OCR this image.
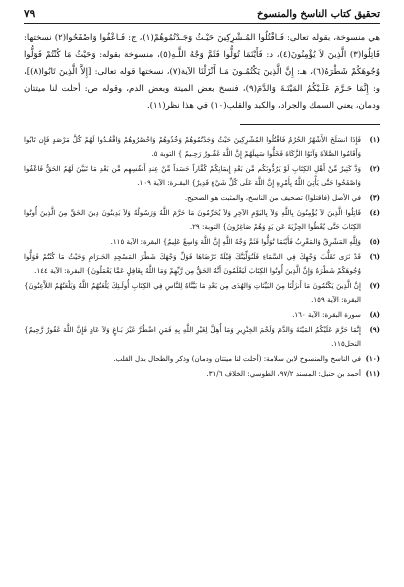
تحقيق كتاب الناسخ والمنسوخ
٧٩

هي منسوخة، بقوله تعالى: فَـاقْتُلُوا المُـشْرِكِينَ حَيْـثُ وَجَـدْتُمُوهُمْ(١)، ج: فَـاعْفُوا وَاصْفَحُوا(٢) نسختها: قَاتِلُوا(٣) الَّذِينَ لاَ يُؤْمِنُونَ(٤)، د: فَأَيْنَمَا تُوَلُّوا فَثَمَّ وَجْهُ اللَّـهِ(٥)، منسوخة بقوله: وَحَيْثُ مَا كُنْتُمْ فَوَلُّوا وُجُوهَكُمْ شَطْرَهُ(٦)، هـ: إِنَّ الَّذِينَ يَكْتُمُـونَ مَـا أَنْزَلْنَا الآية(٧)، نسختها قوله تعالى: [إِلاَّ الَّذِينَ تَابُوا(٨)]، و: إِنَّمَا حَـرَّمَ عَلَـيْكُمُ المَيْتَـةَ وَالدَّمَ(٩)، فنسخ بعض الميتة وبعض الدم، وقوله ص: أحلت لنا ميتتان ودمان، يعني السمك والجراد، والكبد والقلب(١٠) في هذا نظر(١١).

(١)
فَإِذَا انسَلَخَ الأَشْهُرُ الحُرُمُ فَاقْتُلُوا المُشْرِكِينَ حَيْثُ وَجَدْتُمُوهُمْ وَخُذُوهُمْ وَاحْصُرُوهُمْ وَاقْعُـدُوا لَهُمْ كُلَّ مَرْصَدٍ فَإِن تَابُوا وَأَقَامُوا الصَّلاَةَ وَآتَوُا الزَّكَاةَ فَخَلُّوا سَبِيلَهُمْ إِنَّ اللَّهَ غَفُـورٌ رَحِـيمٌ } التوبة ٥.
(٢)
وَدَّ كَثِيرٌ مِّنْ أَهْلِ الكِتَابِ لَوْ يَرُدُّونَكُم مِّن بَعْدِ إِيمَانِكُمْ كُفَّاراً حَسَداً مِّنْ عِندِ أَنفُسِهِم مِّن بَعْدِ مَا تَبَيَّنَ لَهُمُ الحَقُّ فَاعْفُوا وَاصْفَحُوا حَتَّى يَأْتِيَ اللَّهُ بِأَمْرِهِ إِنَّ اللَّهَ عَلَى كُلِّ شَيْءٍ قَدِيرٌ} البقـرة: الآية ١٠٩.
(٣)
في الأصل (فاقتلوا) تصحيف من الناسخ، والمثبت هو الصحيح.
(٤)
قَاتِلُوا الَّذِينَ لاَ يُؤْمِنُونَ بِاللَّهِ وَلاَ بِاليَوْمِ الآخِرِ وَلاَ يُحَرِّمُونَ مَا حَرَّمَ اللَّهُ وَرَسُولُهُ وَلاَ يَدِينُونَ دِينَ الحَقِّ مِنَ الَّذِينَ أُوتُوا الكِتَابَ حَتَّى يُعْطُوا الجِزْيَةَ عَن يَدٍ وَهُمْ صَاغِرُونَ} التوبة: ٢٩.
(٥)
وَلِلَّهِ المَشْرِقُ وَالمَغْرِبُ فَأَيْنَمَا تُوَلُّوا فَثَمَّ وَجْهُ اللَّهِ إِنَّ اللَّهَ وَاسِعٌ عَلِيمٌ} البقرة: الآية ١١٥.
(٦)
قَدْ نَرَى تَقَلُّبَ وَجْهِكَ فِي السَّمَاءِ فَلَنُوَلِّيَنَّكَ قِبْلَةً تَرْضَاهَا فَوَلِّ وَجْهَكَ شَطْرَ المَسْجِدِ الحَـرَامِ وَحَيْثُ مَا كُنْتُمْ فَوَلُّوا وُجُوهَكُمْ شَطْرَهُ وَإِنَّ الَّذِينَ أُوتُوا الكِتَابَ لَيَعْلَمُونَ أَنَّهُ الحَقُّ مِن رَّبِّهِمْ وَمَا اللَّهُ بِغَافِلٍ عَمَّا يَعْمَلُونَ} البقرة: الآية ١٤٤.
(٧)
إِنَّ الَّذِينَ يَكْتُمُونَ مَا أَنزَلْنَا مِنَ البَيِّنَاتِ وَالهُدَى مِن بَعْدِ مَا بَيَّنَّاهُ لِلنَّاسِ فِي الكِتَابِ أُولَـئِكَ يَلْعَنُهُمُ اللَّهُ وَيَلْعَنُهُمُ اللاَّعِنُونَ} البقرة: الآية ١٥٩.
(٨)
سورة البقرة: الآية ١٦٠.
(٩)
إِنَّمَا حَرَّمَ عَلَيْكُمُ المَيْتَةَ وَالدَّمَ وَلَحْمَ الخِنْزِيرِ وَمَا أُهِلَّ لِغَيْرِ اللَّهِ بِهِ فَمَنِ اضْطُرَّ غَيْرَ بَـاغٍ وَلاَ عَادٍ فَإِنَّ اللَّهَ غَفُورٌ رَّحِيمٌ} النحل١١٥.
(١٠)
في الناسخ والمنسوخ لابن سلامة: (أحلت لنا ميتتان ودمان) وذكر والطحال بدل القلب.
(١١)
أحمد بن حنبل: المسند ٩٧/٢، الطوسي: الخلاف ٣١/٦.
